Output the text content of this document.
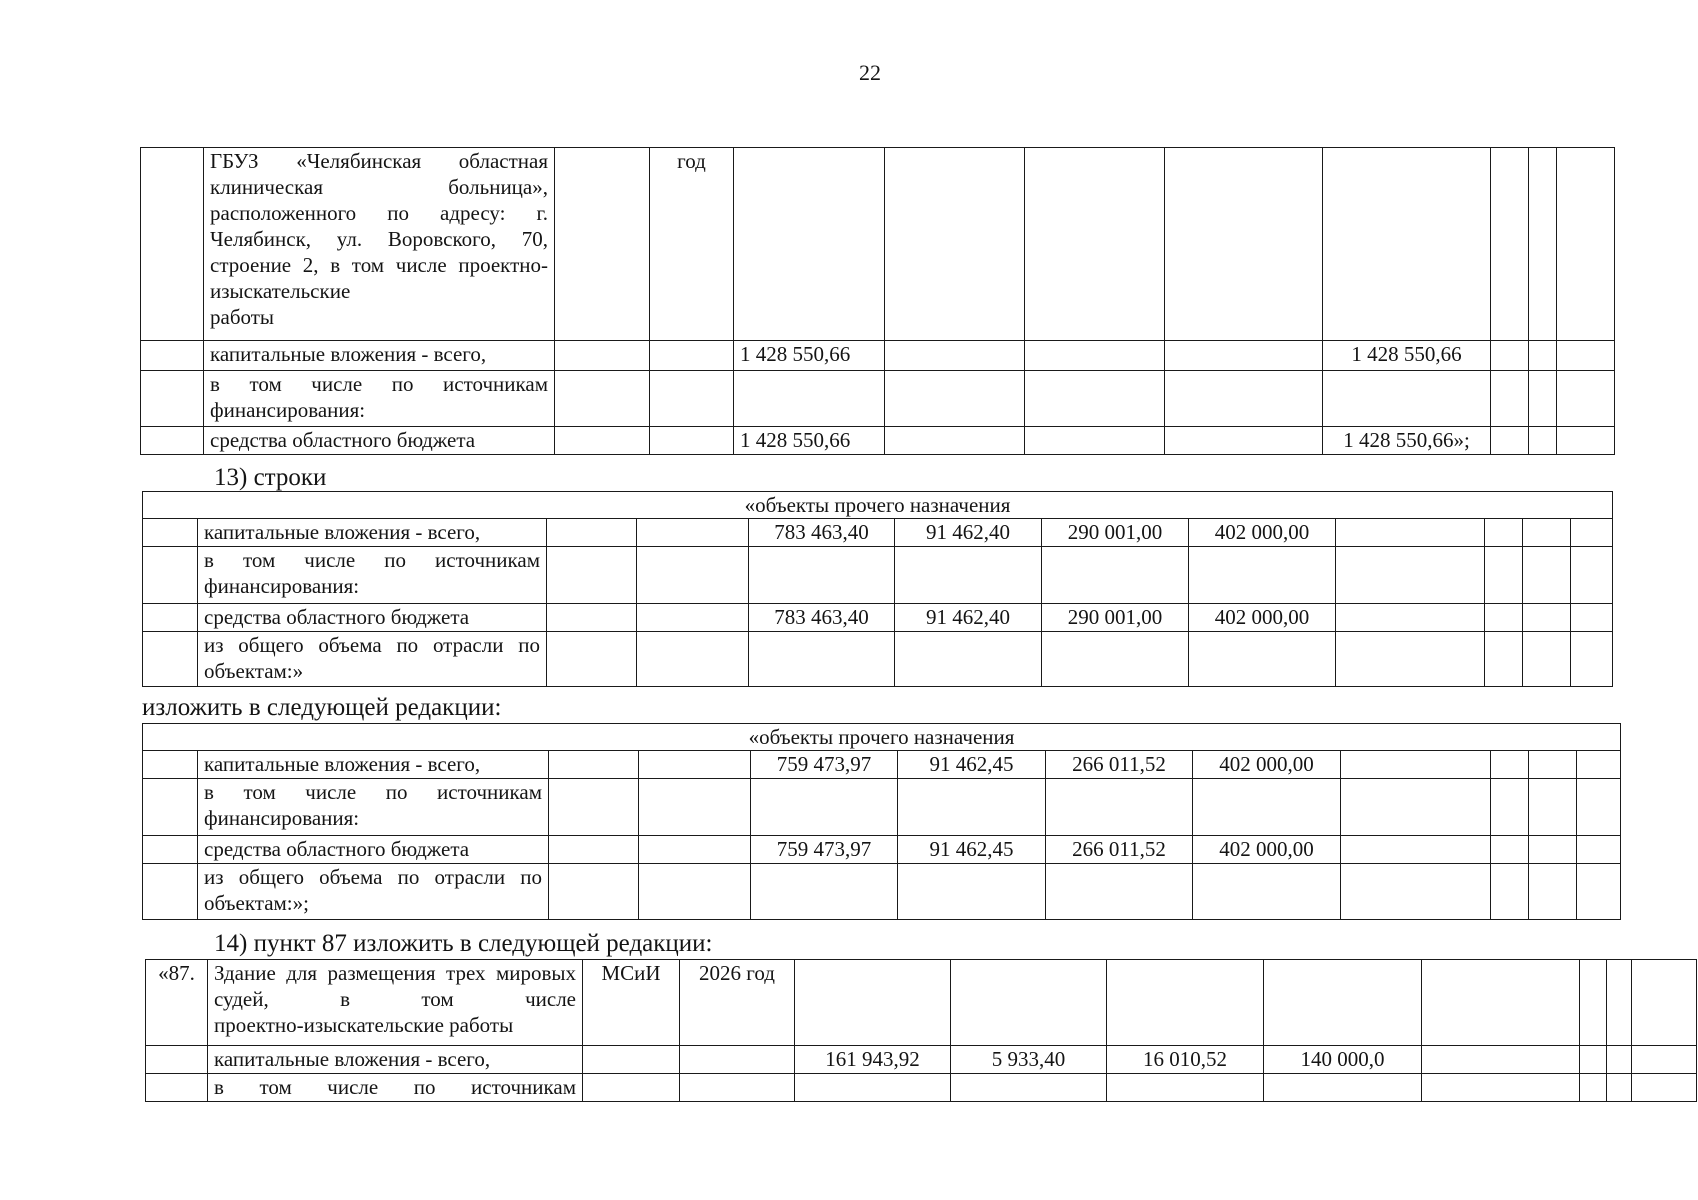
22
	ГБУЗ «Челябинская областная клиническая больница», расположенного по адресу: г. Челябинск, ул. Воровского, 70, строение 2, в том числе проектно-изыскательские
работы		год								
	капитальные вложения - всего,			1 428 550,66				1 428 550,66			
	в том числе по источникам
финансирования:										

	средства областного бюджета			1 428 550,66				1 428 550,66»;			
13) строки
«объекты прочего назначения											
	капитальные вложения - всего,			783 463,40	91 462,40	290 001,00	402 000,00				
	в том числе по источникам
финансирования:										

	средства областного бюджета			783 463,40	91 462,40	290 001,00	402 000,00				
	из общего объема по отрасли по
объектам:»										

изложить в следующей редакции:
«объекты прочего назначения											
	капитальные вложения - всего,			759 473,97	91 462,45	266 011,52	402 000,00				
	в том числе по источникам
финансирования:										

	средства областного бюджета			759 473,97	91 462,45	266 011,52	402 000,00				
	из общего объема по отрасли по
объектам:»;										

14) пункт 87 изложить в следующей редакции:
«87.	Здание для размещения трех мировых судей, в том числе
проектно-изыскательские работы	МСиИ	2026 год								
	капитальные вложения - всего,			161 943,92	5 933,40	16 010,52	140 000,0				
	в том числе по источникам										
